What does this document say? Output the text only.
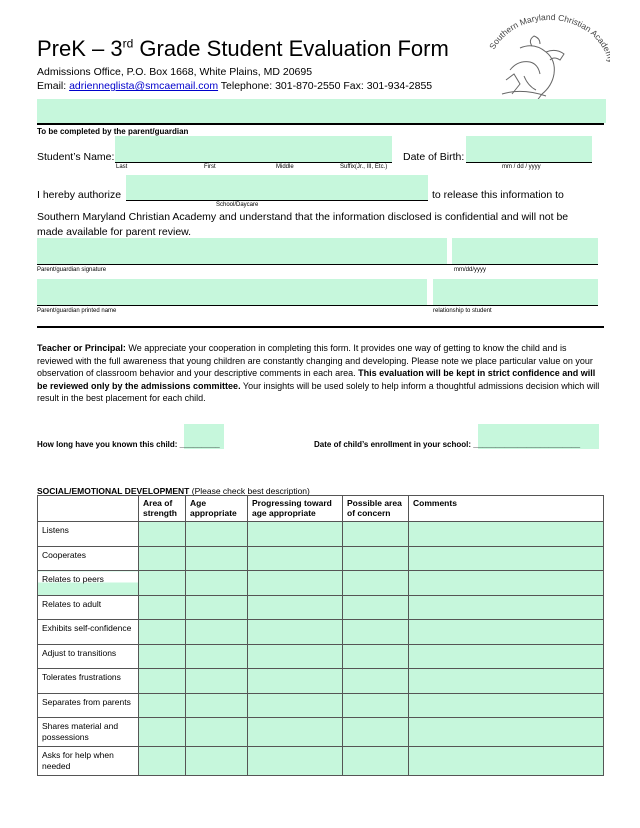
PreK – 3rd Grade Student Evaluation Form
Admissions Office, P.O. Box 1668, White Plains, MD 20695
Email: adrienneglista@smcaemail.com Telephone: 301-870-2550 Fax: 301-934-2855
Southern Maryland Christian Acad
To be completed by the parent/guardian
Student’s Name:
Last	First	Middle	Suffix(Jr., III, Etc.)
Date of Birth:
mm / dd / yyyy
I hereby authorize
School/Daycare
to release this information to
Southern Maryland Christian Academy and understand that the information disclosed is confidential and will not be made available for parent review.
Parent/guardian signature	mm/dd/yyyy
Parent/guardian printed name	relationship to student
Teacher or Principal: We appreciate your cooperation in completing this form. It provides one way of getting to know the child and is reviewed with the full awareness that young children are constantly changing and developing. Please note we place particular value on your observation of classroom behavior and your descriptive comments in each area. This evaluation will be kept in strict confidence and will be reviewed only by the admissions committee. Your insights will be used solely to help inform a thoughtful admissions decision which will result in the best placement for each child.
How long have you known this child: _________	Date of child’s enrollment in your school: ________________________
SOCIAL/EMOTIONAL DEVELOPMENT (Please check best description)
	Area of strength	Age appropriate	Progressing toward age appropriate	Possible area of concern	Comments
Listens					
Cooperates					
Relates to peers					
Relates to adult					
Exhibits self-confidence					
Adjust to transitions					
Tolerates frustrations					
Separates from parents					
Shares material and possessions					
Asks for help when needed					
